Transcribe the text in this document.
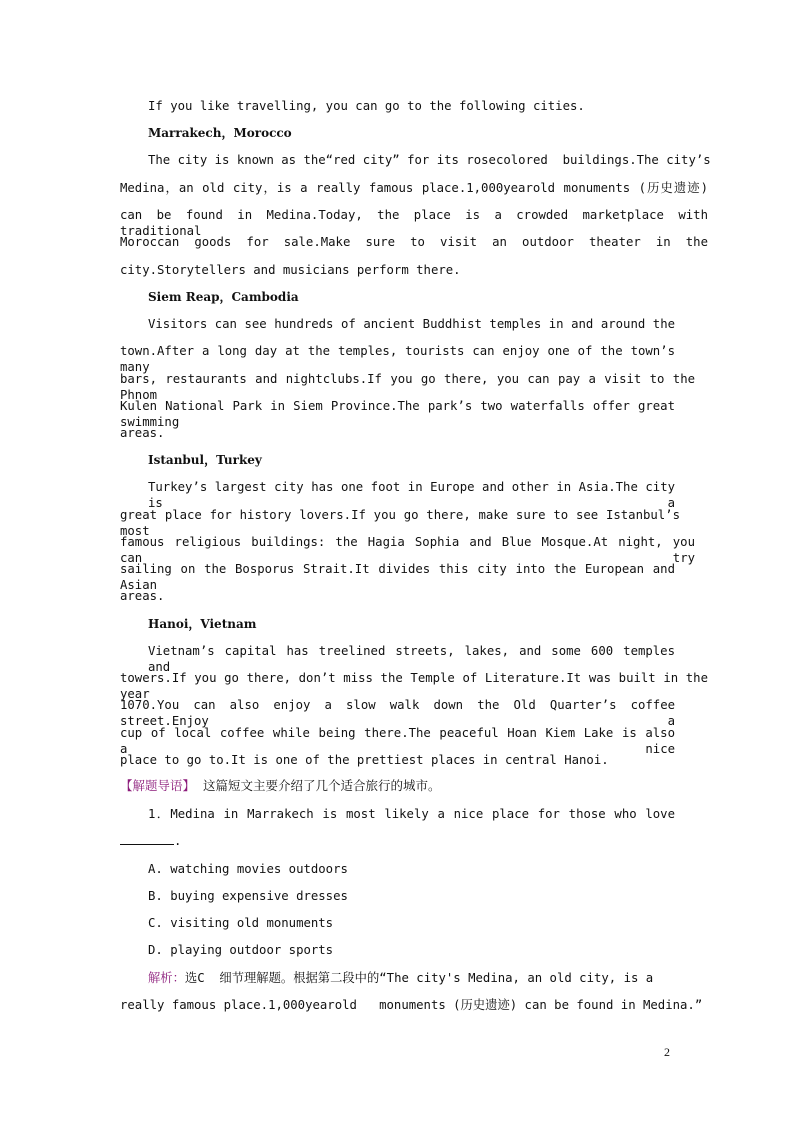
If you like travelling, you can go to the following cities.
Marrakech，Morocco
The city is known as the“red city” for its rosecolored  buildings.The city’s
Medina，an old city，is a really famous place.1,000yearold monuments (历史遗迹)
can be found in Medina.Today, the place is a crowded marketplace with traditional
Moroccan goods for sale.Make sure to visit an outdoor theater in the
city.Storytellers and musicians perform there.
Siem Reap，Cambodia
Visitors can see hundreds of ancient Buddhist temples in and around the
town.After a long day at the temples, tourists can enjoy one of the town’s many
bars, restaurants and nightclubs.If you go there, you can pay a visit to the Phnom
Kulen National Park in Siem Province.The park’s two waterfalls offer great swimming
areas.
Istanbul，Turkey
Turkey’s largest city has one foot in Europe and other in Asia.The city is a
great place for history lovers.If you go there, make sure to see Istanbul’s most
famous religious buildings: the Hagia Sophia and Blue Mosque.At night, you can try
sailing on the Bosporus Strait.It divides this city into the European and Asian
areas.
Hanoi，Vietnam
Vietnam’s capital has treelined streets, lakes, and some 600 temples and
towers.If you go there, don’t miss the Temple of Literature.It was built in the year
1070.You can also enjoy a slow walk down the Old Quarter’s coffee street.Enjoy a
cup of local coffee while being there.The peaceful Hoan Kiem Lake is also a nice
place to go to.It is one of the prettiest places in central Hanoi.
【解题导语】  这篇短文主要介绍了几个适合旅行的城市。
1．Medina in Marrakech is most likely a nice place for those who love
.
A. watching movies outdoors
B. buying expensive dresses
C. visiting old monuments
D. playing outdoor sports
解析：选C  细节理解题。根据第二段中的“The city's Medina, an old city, is a
really famous place.1,000yearold   monuments (历史遗迹) can be found in Medina.”
2
